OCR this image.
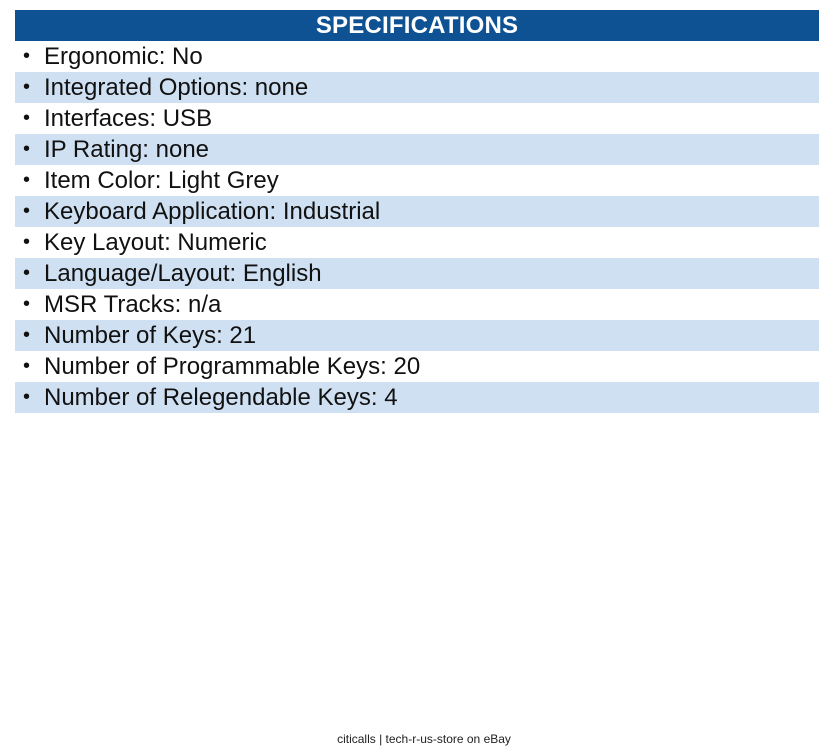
SPECIFICATIONS
• Ergonomic: No
• Integrated Options: none
• Interfaces: USB
• IP Rating: none
• Item Color: Light Grey
• Keyboard Application: Industrial
• Key Layout: Numeric
• Language/Layout: English
• MSR Tracks: n/a
• Number of Keys: 21
• Number of Programmable Keys: 20
• Number of Relegendable Keys: 4
citicalls | tech-r-us-store on eBay
